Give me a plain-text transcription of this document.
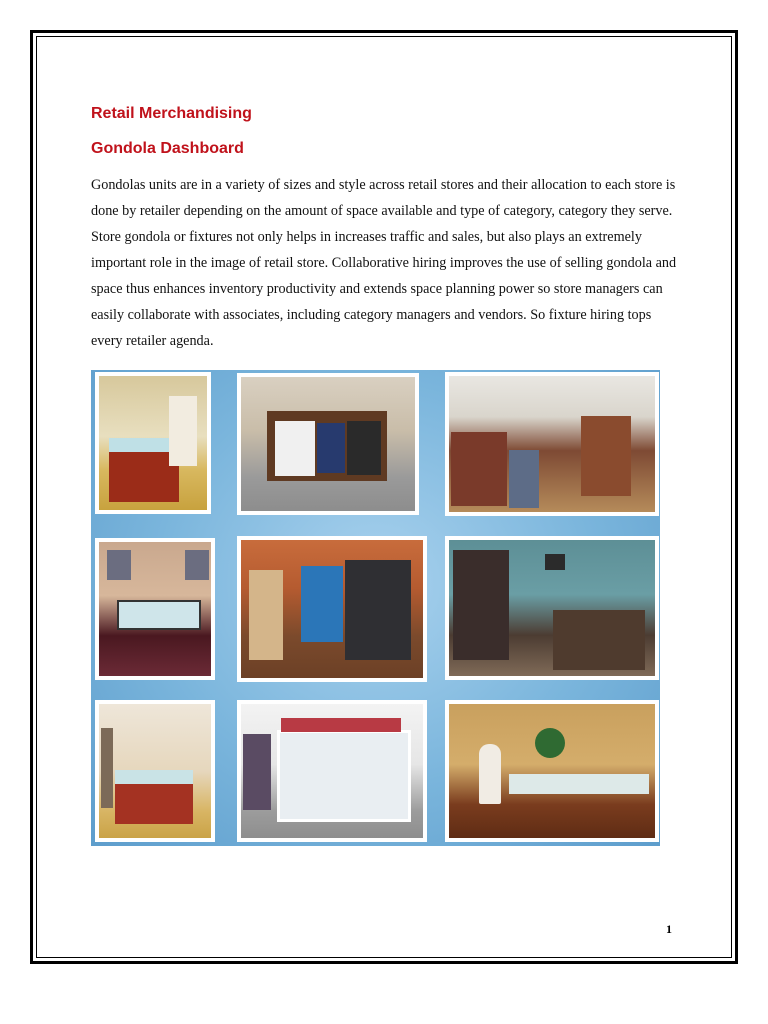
Retail Merchandising
Gondola Dashboard

Gondolas units are in a variety of sizes and style across retail stores and their allocation to each store is done by retailer depending on the amount of space available and type of category, category they serve. Store gondola or fixtures not only helps in increases traffic and sales, but also plays an extremely important role in the image of retail store. Collaborative hiring improves the use of selling gondola and space thus enhances inventory productivity and extends space planning power so store managers can easily collaborate with associates, including category managers and vendors. So fixture hiring tops every retailer agenda.

1
